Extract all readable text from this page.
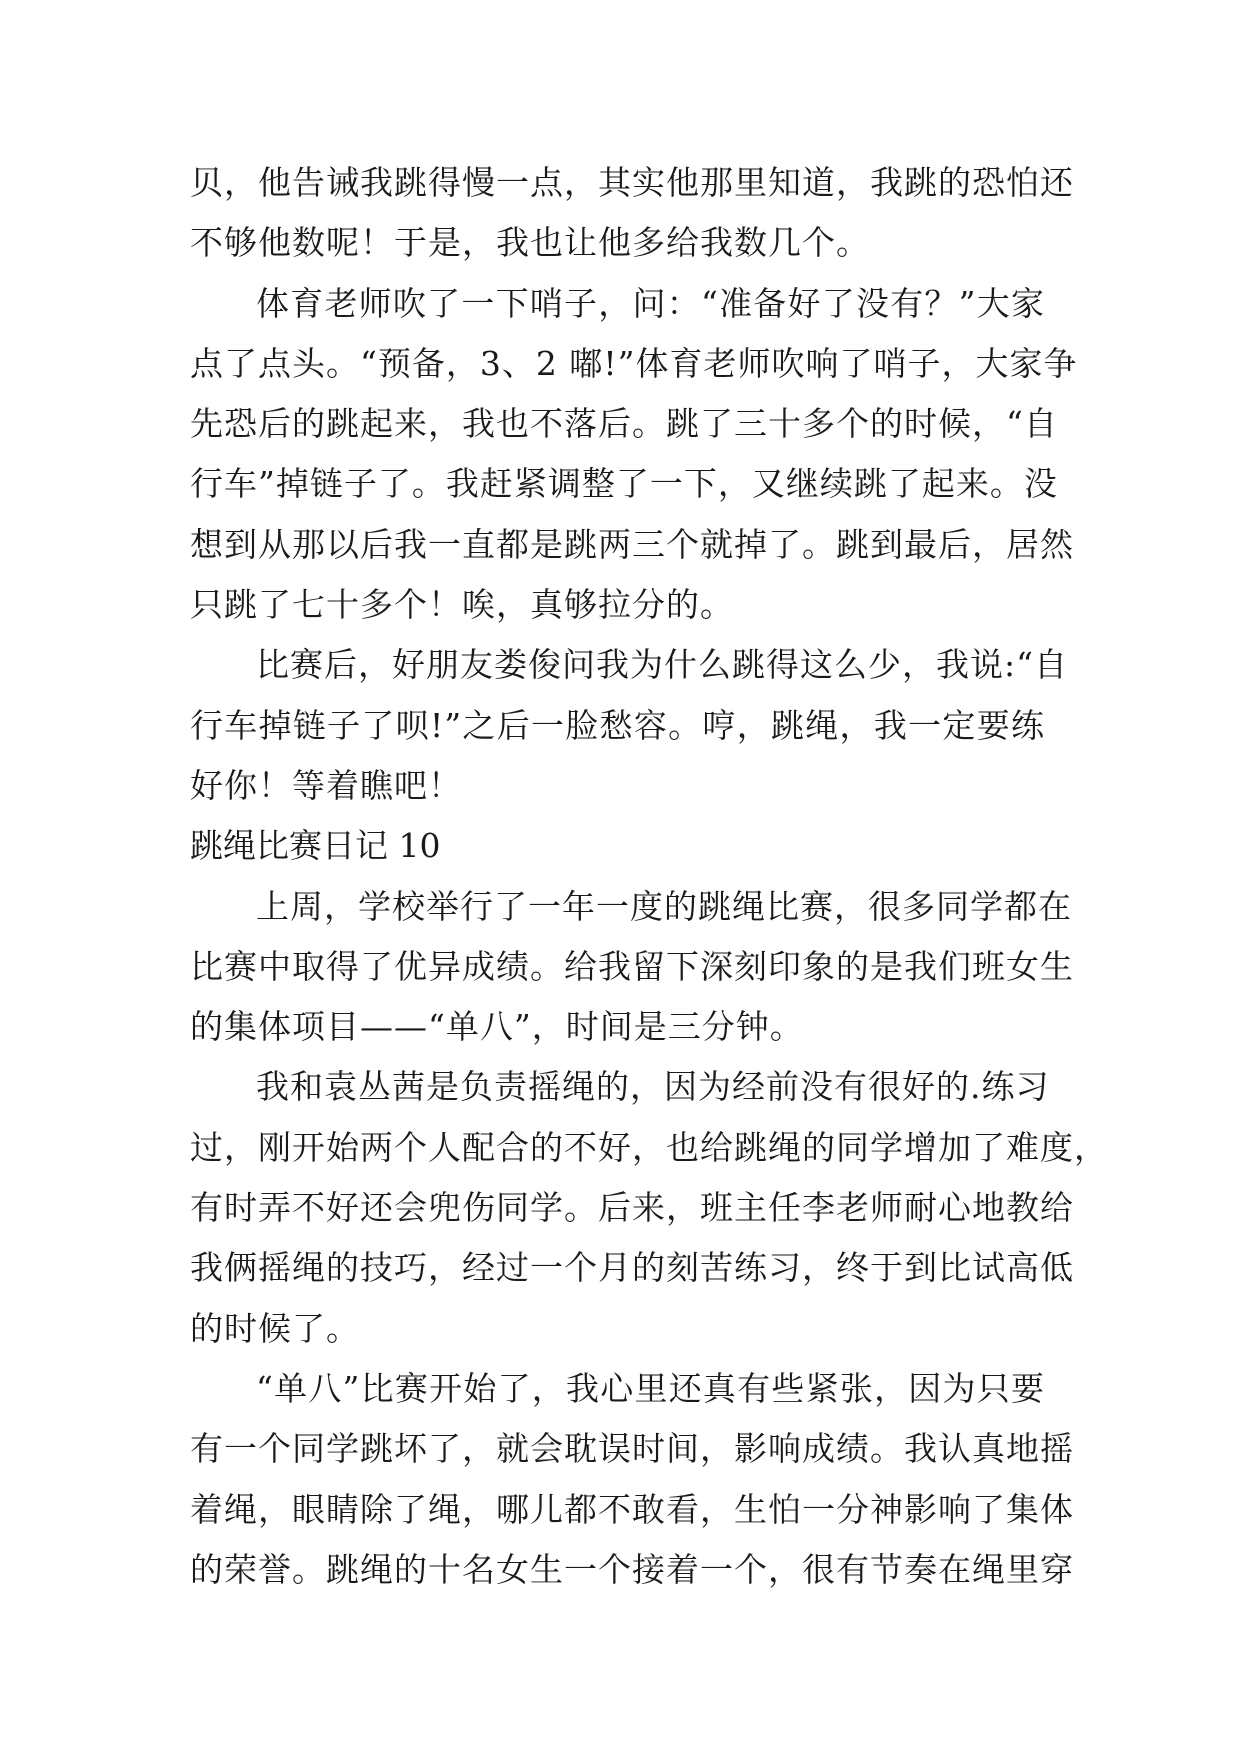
贝，他告诫我跳得慢一点，其实他那里知道，我跳的恐怕还
不够他数呢！于是，我也让他多给我数几个。
体育老师吹了一下哨子，问：“准备好了没有？”大家
点了点头。“预备，3、2 嘟!”体育老师吹响了哨子，大家争
先恐后的跳起来，我也不落后。跳了三十多个的时候，“自
行车”掉链子了。我赶紧调整了一下，又继续跳了起来。没
想到从那以后我一直都是跳两三个就掉了。跳到最后，居然
只跳了七十多个！唉，真够拉分的。
比赛后，好朋友娄俊问我为什么跳得这么少，我说:“自
行车掉链子了呗!”之后一脸愁容。哼，跳绳，我一定要练
好你！等着瞧吧！
跳绳比赛日记 10
上周，学校举行了一年一度的跳绳比赛，很多同学都在
比赛中取得了优异成绩。给我留下深刻印象的是我们班女生
的集体项目——“单八”，时间是三分钟。
我和袁丛茜是负责摇绳的，因为经前没有很好的.练习
过，刚开始两个人配合的不好，也给跳绳的同学增加了难度，
有时弄不好还会兜伤同学。后来，班主任李老师耐心地教给
我俩摇绳的技巧，经过一个月的刻苦练习，终于到比试高低
的时候了。
“单八”比赛开始了，我心里还真有些紧张，因为只要
有一个同学跳坏了，就会耽误时间，影响成绩。我认真地摇
着绳，眼睛除了绳，哪儿都不敢看，生怕一分神影响了集体
的荣誉。跳绳的十名女生一个接着一个，很有节奏在绳里穿
